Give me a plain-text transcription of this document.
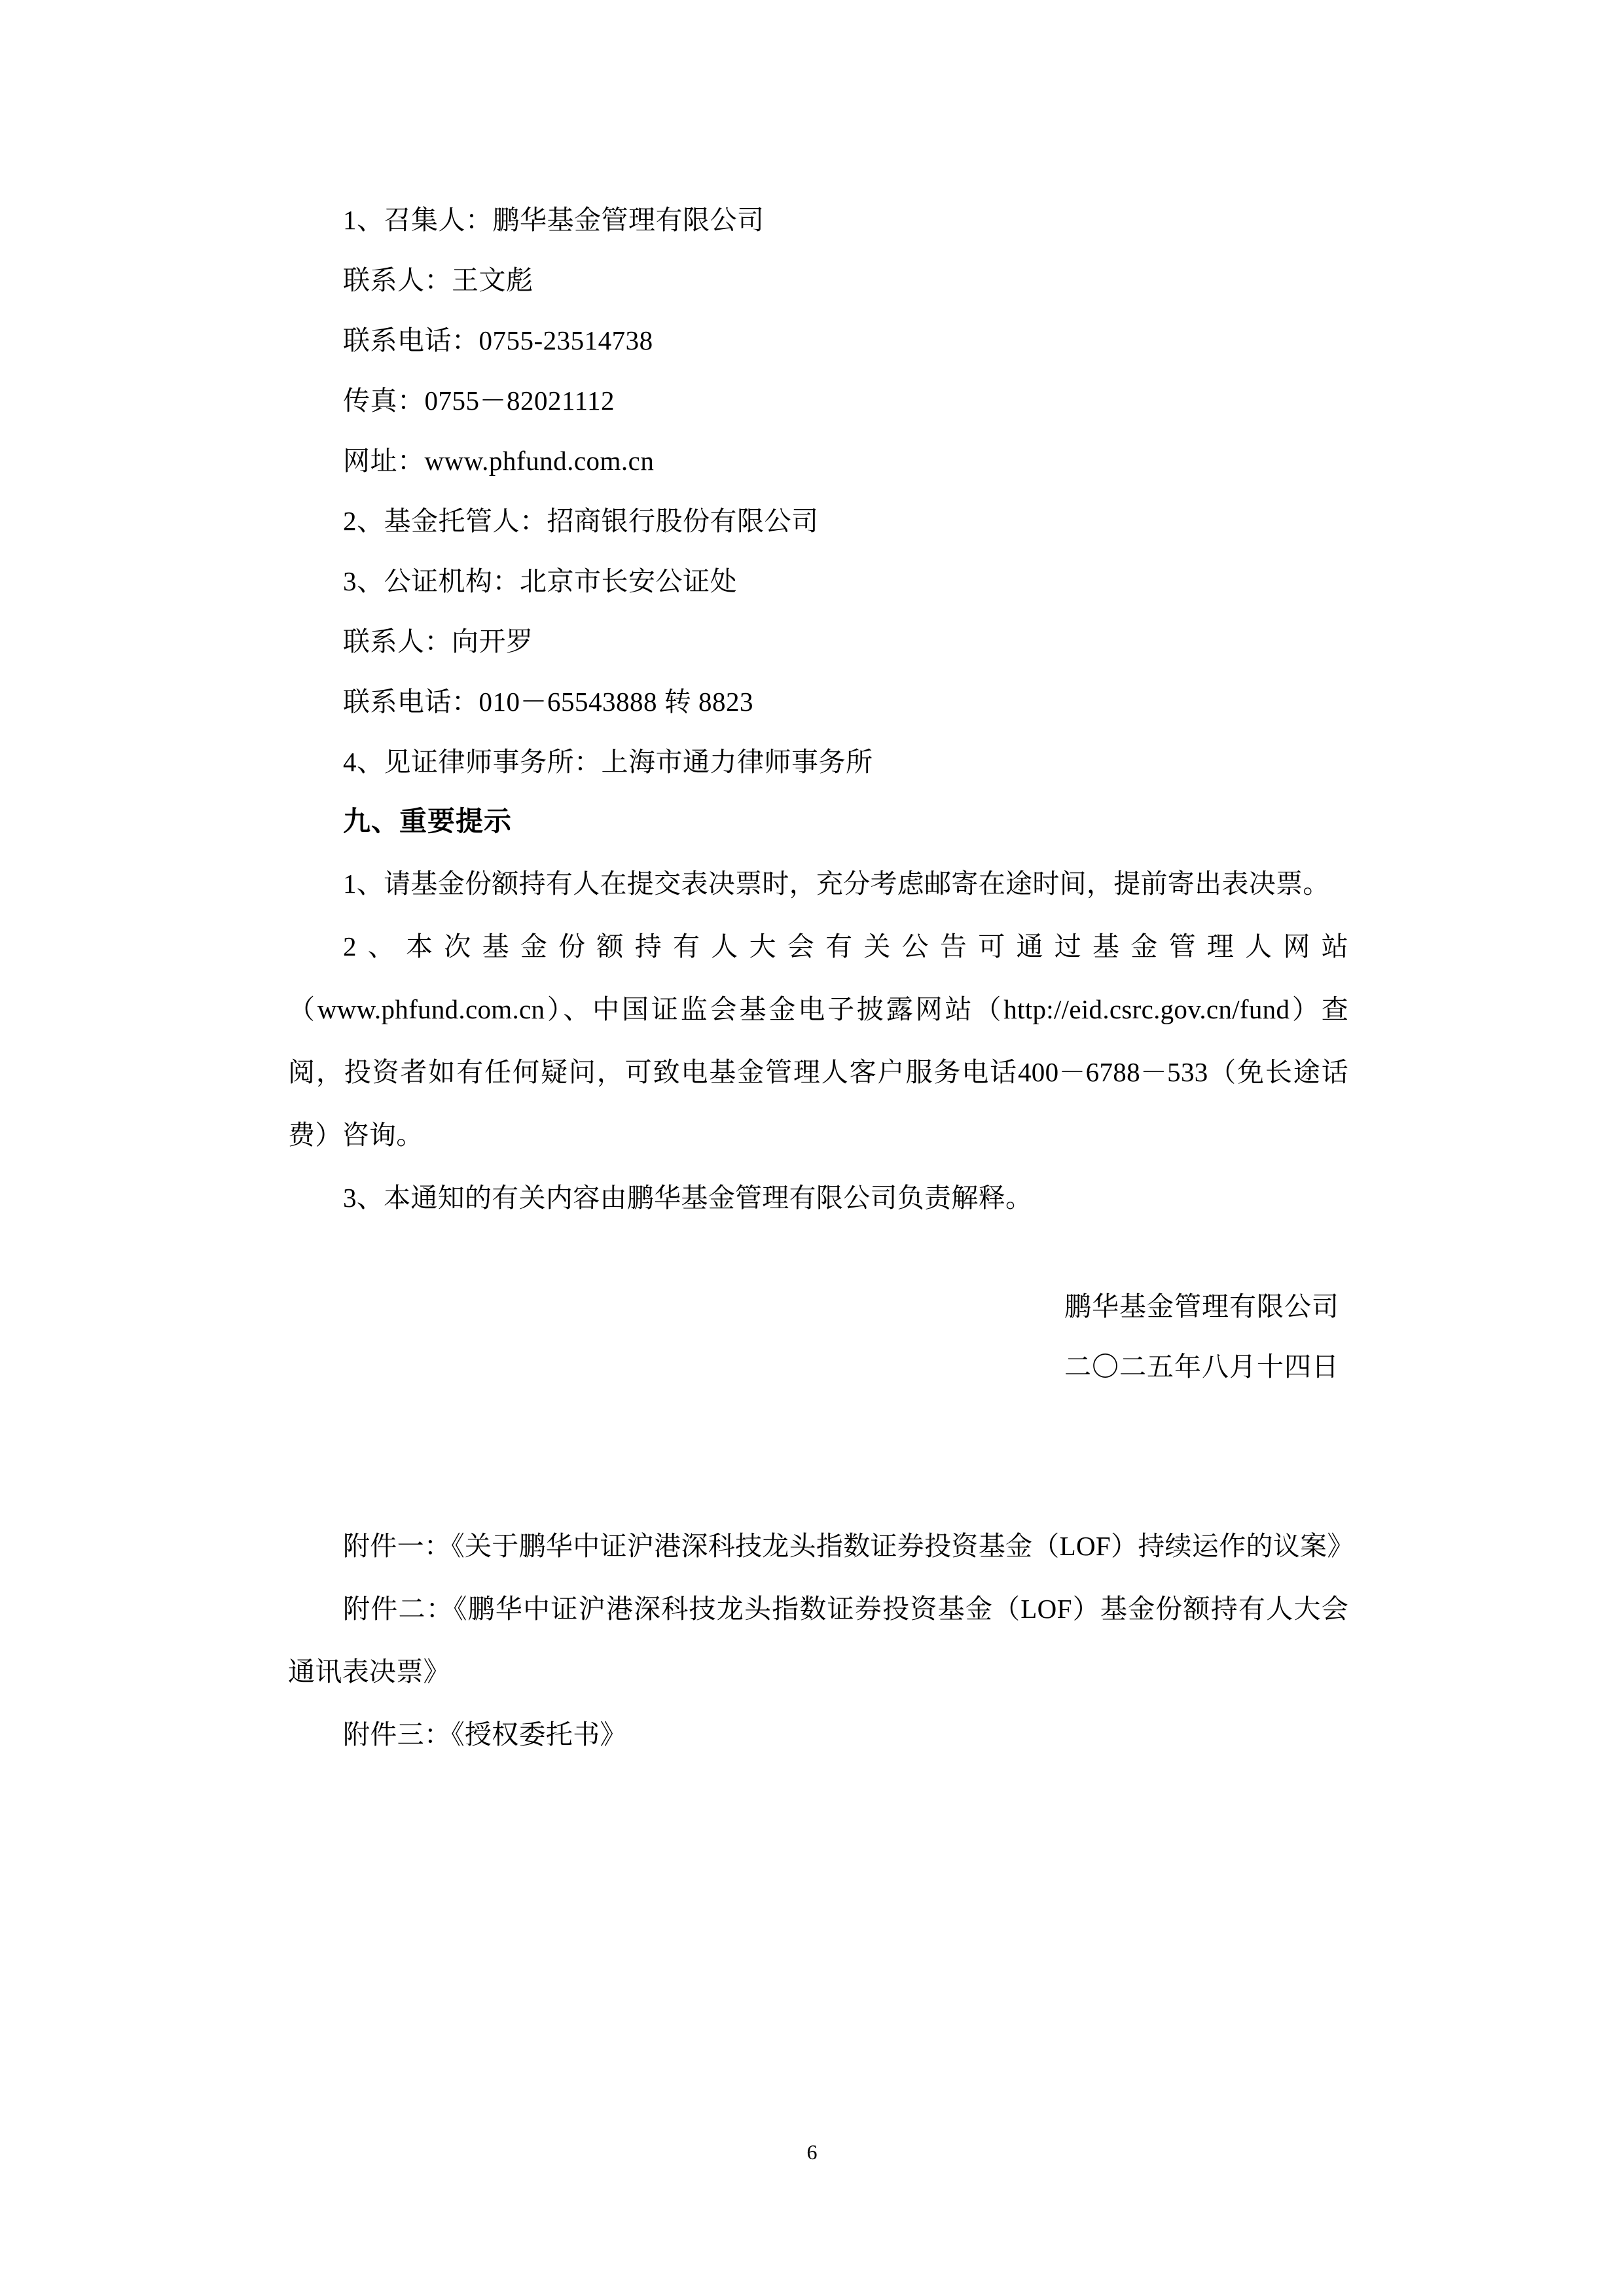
1、召集人：鹏华基金管理有限公司
联系人：王文彪
联系电话：0755-23514738
传真：0755－82021112
网址：www.phfund.com.cn
2、基金托管人：招商银行股份有限公司
3、公证机构：北京市长安公证处
联系人：向开罗
联系电话：010－65543888 转 8823
4、见证律师事务所：上海市通力律师事务所
九、重要提示
1、请基金份额持有人在提交表决票时，充分考虑邮寄在途时间，提前寄出表决票。
2、本次基金份额持有人大会有关公告可通过基金管理人网站（www.phfund.com.cn）、中国证监会基金电子披露网站（http://eid.csrc.gov.cn/fund）查阅，投资者如有任何疑问，可致电基金管理人客户服务电话400－6788－533（免长途话费）咨询。
3、本通知的有关内容由鹏华基金管理有限公司负责解释。
鹏华基金管理有限公司
二〇二五年八月十四日
附件一：《关于鹏华中证沪港深科技龙头指数证券投资基金（LOF）持续运作的议案》
附件二：《鹏华中证沪港深科技龙头指数证券投资基金（LOF）基金份额持有人大会通讯表决票》
附件三：《授权委托书》
6
